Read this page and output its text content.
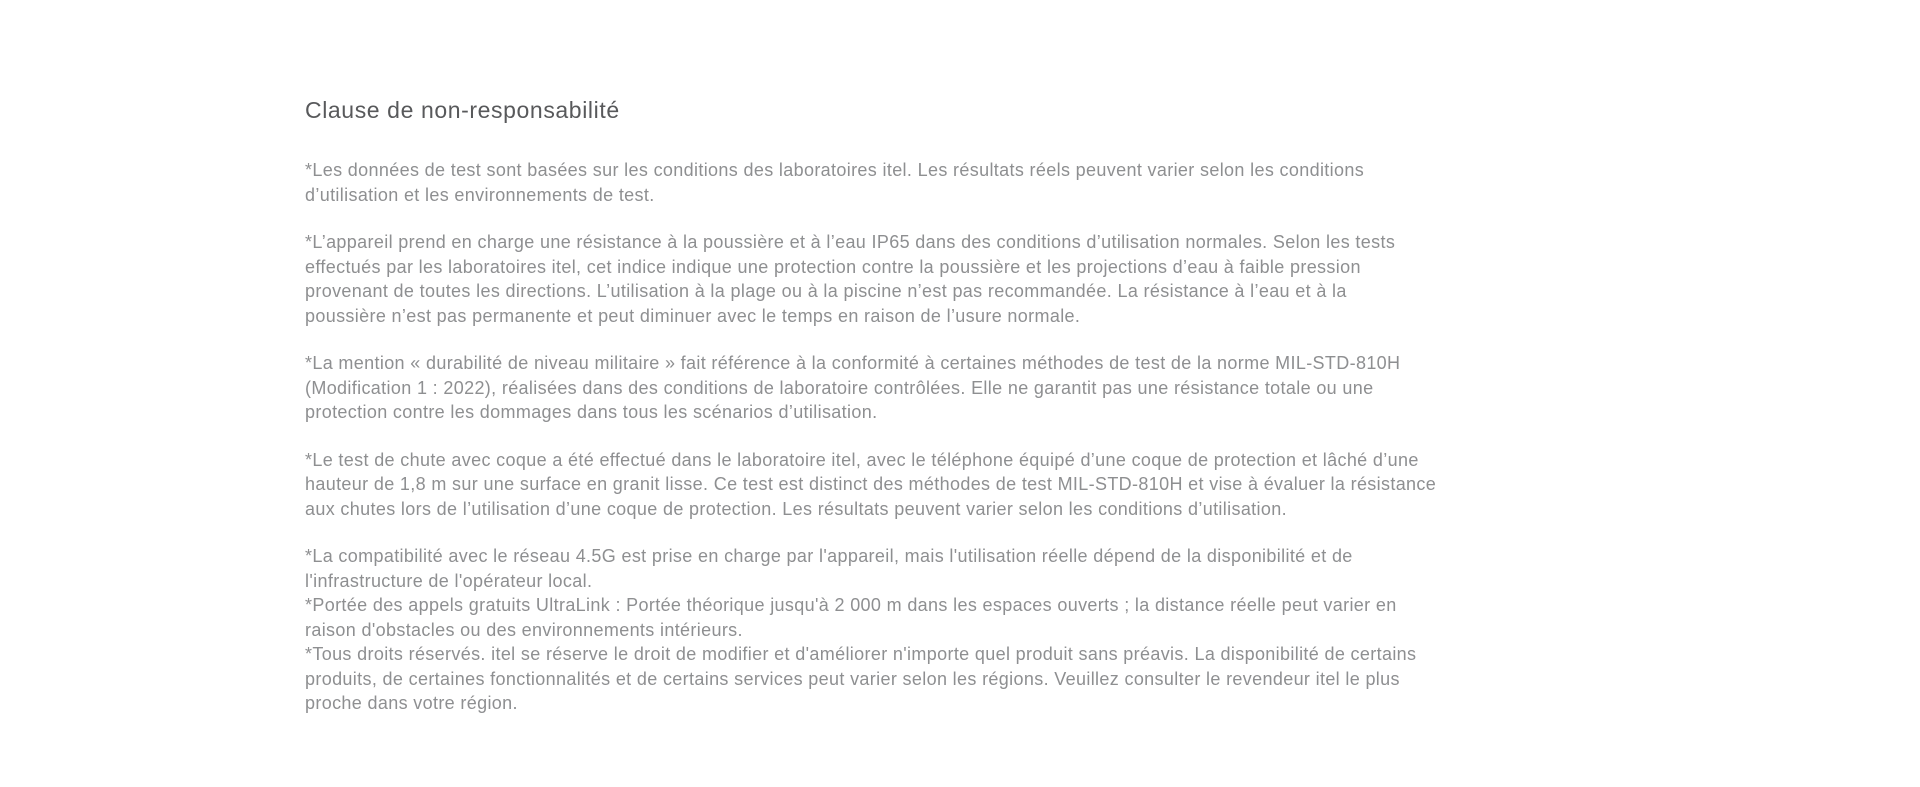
Clause de non-responsabilité
*Les données de test sont basées sur les conditions des laboratoires itel. Les résultats réels peuvent varier selon les conditions
d’utilisation et les environnements de test.
*L’appareil prend en charge une résistance à la poussière et à l’eau IP65 dans des conditions d’utilisation normales. Selon les tests
effectués par les laboratoires itel, cet indice indique une protection contre la poussière et les projections d’eau à faible pression
provenant de toutes les directions. L’utilisation à la plage ou à la piscine n’est pas recommandée. La résistance à l’eau et à la
poussière n’est pas permanente et peut diminuer avec le temps en raison de l’usure normale.
*La mention « durabilité de niveau militaire » fait référence à la conformité à certaines méthodes de test de la norme MIL-STD-810H
(Modification 1 : 2022), réalisées dans des conditions de laboratoire contrôlées. Elle ne garantit pas une résistance totale ou une
protection contre les dommages dans tous les scénarios d’utilisation.
*Le test de chute avec coque a été effectué dans le laboratoire itel, avec le téléphone équipé d’une coque de protection et lâché d’une
hauteur de 1,8 m sur une surface en granit lisse. Ce test est distinct des méthodes de test MIL-STD-810H et vise à évaluer la résistance
aux chutes lors de l’utilisation d’une coque de protection. Les résultats peuvent varier selon les conditions d’utilisation.
*La compatibilité avec le réseau 4.5G est prise en charge par l'appareil, mais l'utilisation réelle dépend de la disponibilité et de
l'infrastructure de l'opérateur local.
*Portée des appels gratuits UltraLink : Portée théorique jusqu'à 2 000 m dans les espaces ouverts ; la distance réelle peut varier en
raison d'obstacles ou des environnements intérieurs.
*Tous droits réservés. itel se réserve le droit de modifier et d'améliorer n'importe quel produit sans préavis. La disponibilité de certains
produits, de certaines fonctionnalités et de certains services peut varier selon les régions. Veuillez consulter le revendeur itel le plus
proche dans votre région.
